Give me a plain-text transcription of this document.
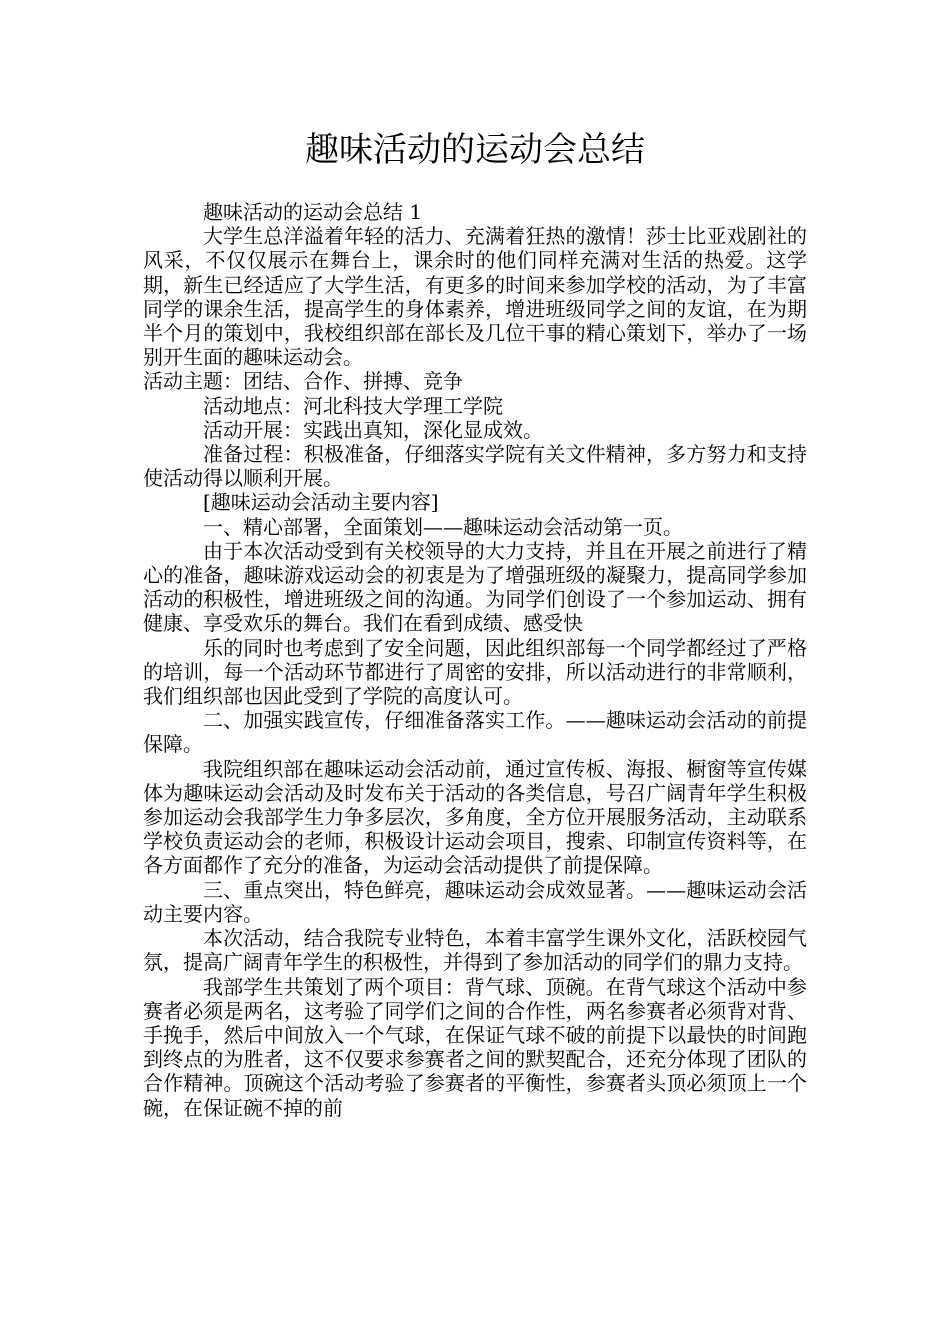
趣味活动的运动会总结

趣味活动的运动会总结 1

大学生总洋溢着年轻的活力、充满着狂热的激情！莎士比亚戏剧社的风采，不仅仅展示在舞台上，课余时的他们同样充满对生活的热爱。这学期，新生已经适应了大学生活，有更多的时间来参加学校的活动，为了丰富同学的课余生活，提高学生的身体素养，增进班级同学之间的友谊，在为期半个月的策划中，我校组织部在部长及几位干事的精心策划下，举办了一场别开生面的趣味运动会。

活动主题：团结、合作、拼搏、竞争

活动地点：河北科技大学理工学院

活动开展：实践出真知，深化显成效。

准备过程：积极准备，仔细落实学院有关文件精神，多方努力和支持使活动得以顺利开展。

[趣味运动会活动主要内容]

一、精心部署，全面策划——趣味运动会活动第一页。

由于本次活动受到有关校领导的大力支持，并且在开展之前进行了精心的准备，趣味游戏运动会的初衷是为了增强班级的凝聚力，提高同学参加活动的积极性，增进班级之间的沟通。为同学们创设了一个参加运动、拥有健康、享受欢乐的舞台。我们在看到成绩、感受快

乐的同时也考虑到了安全问题，因此组织部每一个同学都经过了严格的培训，每一个活动环节都进行了周密的安排，所以活动进行的非常顺利，我们组织部也因此受到了学院的高度认可。

二、加强实践宣传，仔细准备落实工作。——趣味运动会活动的前提保障。

我院组织部在趣味运动会活动前，通过宣传板、海报、橱窗等宣传媒体为趣味运动会活动及时发布关于活动的各类信息，号召广阔青年学生积极参加运动会我部学生力争多层次，多角度，全方位开展服务活动，主动联系学校负责运动会的老师，积极设计运动会项目，搜索、印制宣传资料等，在各方面都作了充分的准备，为运动会活动提供了前提保障。

三、重点突出，特色鲜亮，趣味运动会成效显著。——趣味运动会活动主要内容。

本次活动，结合我院专业特色，本着丰富学生课外文化，活跃校园气氛，提高广阔青年学生的积极性，并得到了参加活动的同学们的鼎力支持。

我部学生共策划了两个项目：背气球、顶碗。在背气球这个活动中参赛者必须是两名，这考验了同学们之间的合作性，两名参赛者必须背对背、手挽手，然后中间放入一个气球，在保证气球不破的前提下以最快的时间跑到终点的为胜者，这不仅要求参赛者之间的默契配合，还充分体现了团队的合作精神。顶碗这个活动考验了参赛者的平衡性，参赛者头顶必须顶上一个碗，在保证碗不掉的前
